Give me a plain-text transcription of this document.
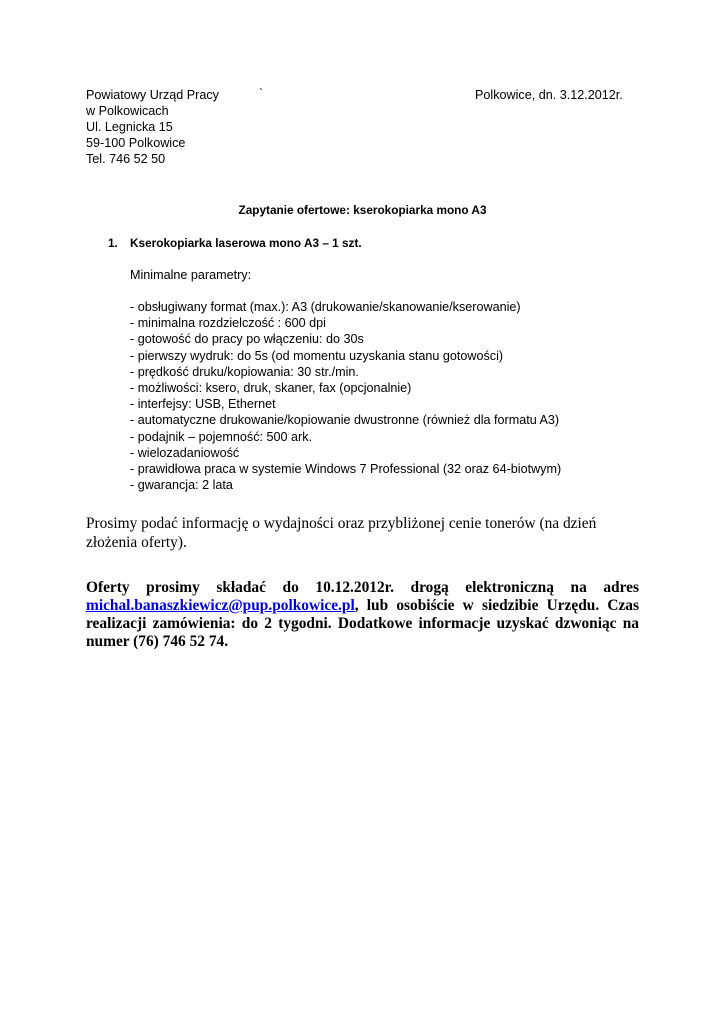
Powiatowy Urząd Pracy
w Polkowicach
Ul. Legnicka 15
59-100 Polkowice
Tel. 746 52 50
`	Polkowice, dn. 3.12.2012r.
Zapytanie ofertowe: kserokopiarka mono A3
1. Kserokopiarka laserowa mono A3 – 1 szt.
Minimalne parametry:
- obsługiwany format (max.): A3 (drukowanie/skanowanie/kserowanie)
- minimalna rozdzielczość : 600 dpi
- gotowość do pracy po włączeniu: do 30s
- pierwszy wydruk: do 5s (od momentu uzyskania stanu gotowości)
- prędkość druku/kopiowania: 30 str./min.
- możliwości: ksero, druk, skaner, fax (opcjonalnie)
- interfejsy: USB, Ethernet
- automatyczne drukowanie/kopiowanie dwustronne (również dla formatu A3)
- podajnik – pojemność: 500 ark.
- wielozadaniowość
- prawidłowa praca w systemie Windows 7 Professional (32 oraz 64-biotwym)
- gwarancja: 2 lata

Prosimy podać informację o wydajności oraz przybliżonej cenie tonerów (na dzień złożenia oferty).

Oferty prosimy składać do 10.12.2012r. drogą elektroniczną na adres michal.banaszkiewicz@pup.polkowice.pl, lub osobiście w siedzibie Urzędu. Czas realizacji zamówienia: do 2 tygodni. Dodatkowe informacje uzyskać dzwoniąc na numer (76) 746 52 74.
